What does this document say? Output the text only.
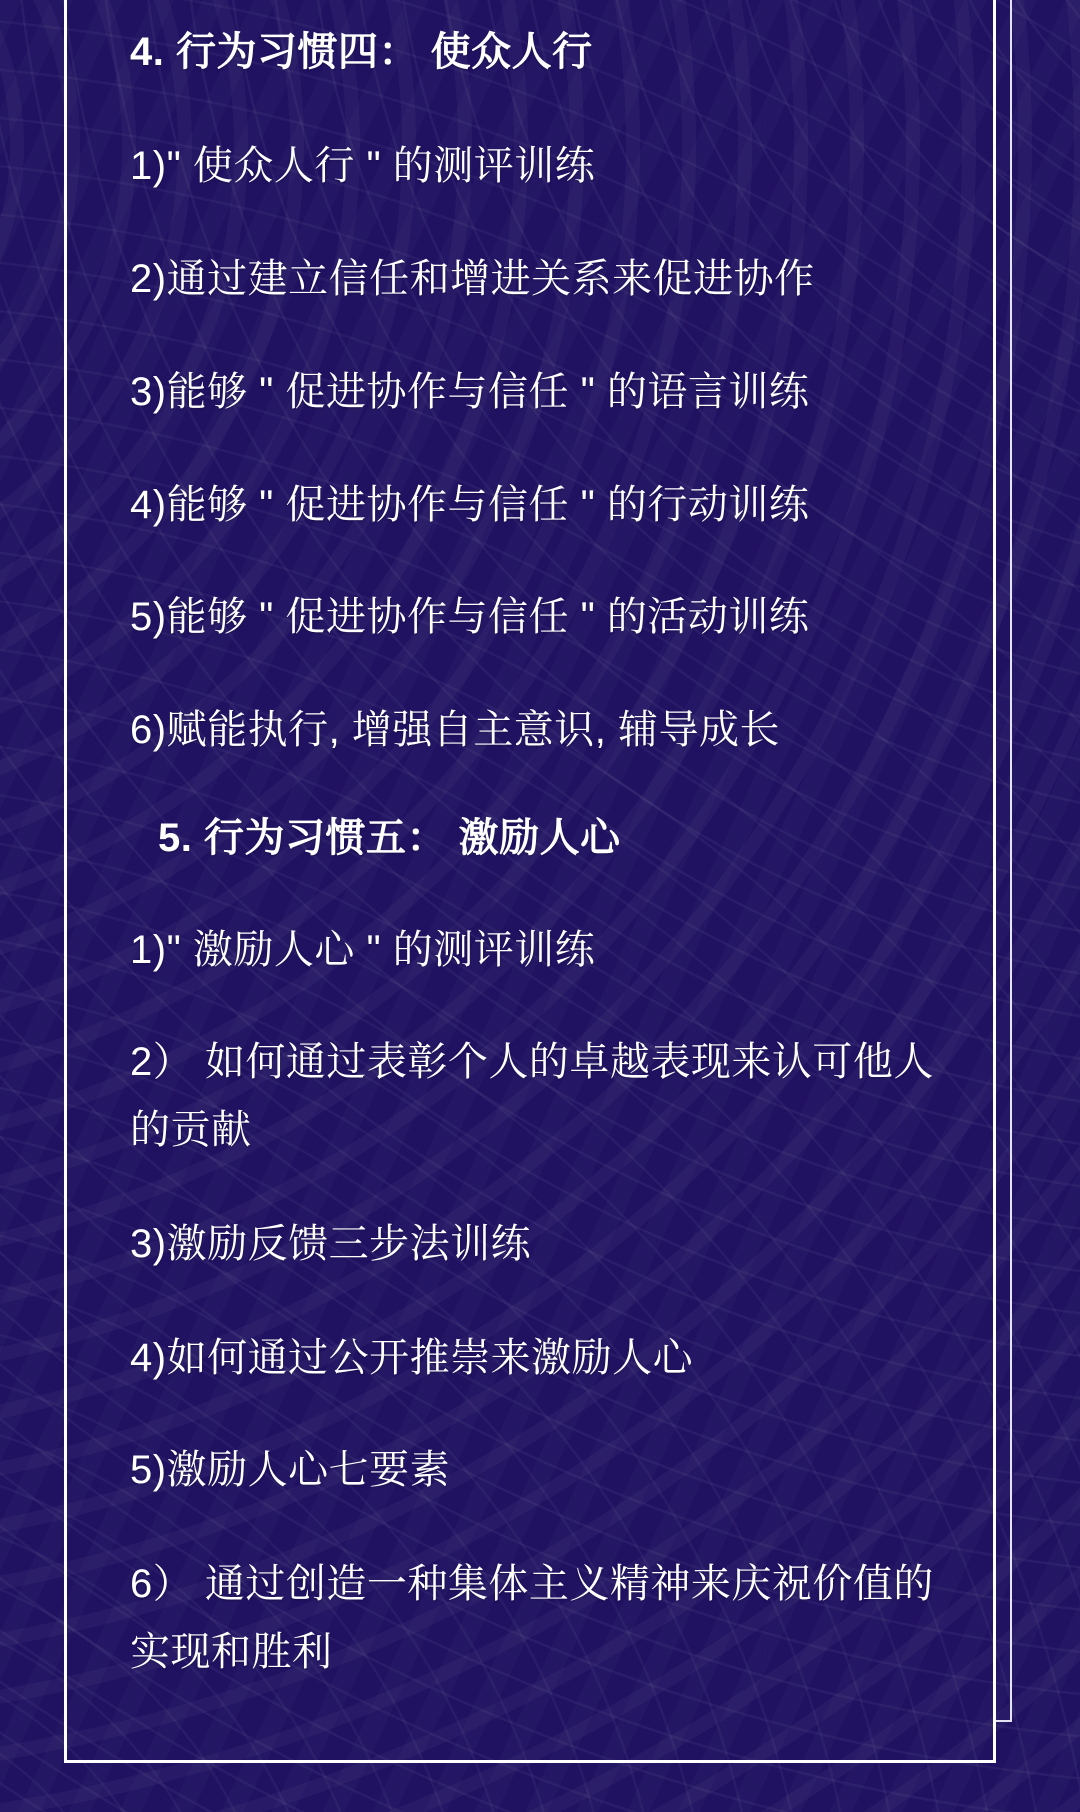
4. 行为习惯四： 使众人行
1)" 使众人行 " 的测评训练
2)通过建立信任和增进关系来促进协作
3)能够 " 促进协作与信任 " 的语言训练
4)能够 " 促进协作与信任 " 的行动训练
5)能够 " 促进协作与信任 " 的活动训练
6)赋能执行, 增强自主意识, 辅导成长
5. 行为习惯五： 激励人心
1)" 激励人心 " 的测评训练
2） 如何通过表彰个人的卓越表现来认可他人
的贡献
3)激励反馈三步法训练
4)如何通过公开推崇来激励人心
5)激励人心七要素
6） 通过创造一种集体主义精神来庆祝价值的
实现和胜利
